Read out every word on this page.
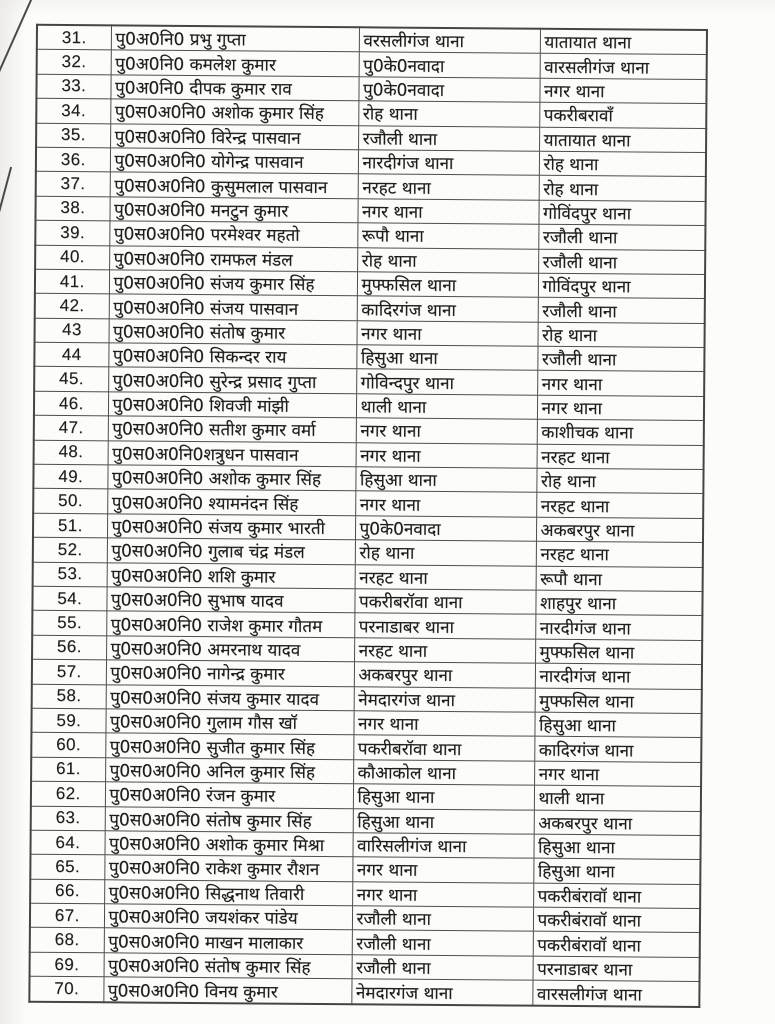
31.	पु0अ0नि0 प्रभु गुप्ता	वरसलीगंज थाना	यातायात थाना
32.	पु0अ0नि0 कमलेश कुमार	पु0के0नवादा	वारसलीगंज थाना
33.	पु0अ0नि0 दीपक कुमार राव	पु0के0नवादा	नगर थाना
34.	पु0स0अ0नि0 अशोक कुमार सिंह	रोह थाना	पकरीबरावाँ
35.	पु0स0अ0नि0 विरेन्द्र पासवान	रजौली थाना	यातायात थाना
36.	पु0स0अ0नि0 योगेन्द्र पासवान	नारदीगंज थाना	रोह थाना
37.	पु0स0अ0नि0 कुसुमलाल पासवान	नरहट थाना	रोह थाना
38.	पु0स0अ0नि0 मनटुन कुमार	नगर थाना	गोविंदपुर थाना
39.	पु0स0अ0नि0 परमेश्वर महतो	रूपौ थाना	रजौली थाना
40.	पु0स0अ0नि0 रामफल मंडल	रोह थाना	रजौली थाना
41.	पु0स0अ0नि0 संजय कुमार सिंह	मुफ्फसिल थाना	गोविंदपुर थाना
42.	पु0स0अ0नि0 संजय पासवान	कादिरगंज थाना	रजौली थाना
43	पु0स0अ0नि0 संतोष कुमार	नगर थाना	रोह थाना
44	पु0स0अ0नि0 सिकन्दर राय	हिसुआ थाना	रजौली थाना
45.	पु0स0अ0नि0 सुरेन्द्र प्रसाद गुप्ता	गोविन्दपुर थाना	नगर थाना
46.	पु0स0अ0नि0 शिवजी मांझी	थाली थाना	नगर थाना
47.	पु0स0अ0नि0 सतीश कुमार वर्मा	नगर थाना	काशीचक थाना
48.	पु0स0अ0नि0शत्रुधन पासवान	नगर थाना	नरहट थाना
49.	पु0स0अ0नि0 अशोक कुमार सिंह	हिसुआ थाना	रोह थाना
50.	पु0स0अ0नि0 श्यामनंदन सिंह	नगर थाना	नरहट थाना
51.	पु0स0अ0नि0 संजय कुमार भारती	पु0के0नवादा	अकबरपुर थाना
52.	पु0स0अ0नि0 गुलाब चंद्र मंडल	रोह थाना	नरहट थाना
53.	पु0स0अ0नि0 शशि कुमार	नरहट थाना	रूपौ थाना
54.	पु0स0अ0नि0 सुभाष यादव	पकरीबरॉवा थाना	शाहपुर थाना
55.	पु0स0अ0नि0 राजेश कुमार गौतम	परनाडाबर थाना	नारदीगंज थाना
56.	पु0स0अ0नि0 अमरनाथ यादव	नरहट थाना	मुफ्फसिल थाना
57.	पु0स0अ0नि0 नागेन्द्र कुमार	अकबरपुर थाना	नारदीगंज थाना
58.	पु0स0अ0नि0 संजय कुमार यादव	नेमदारगंज थाना	मुफ्फसिल थाना
59.	पु0स0अ0नि0 गुलाम गौस खॉ	नगर थाना	हिसुआ थाना
60.	पु0स0अ0नि0 सुजीत कुमार सिंह	पकरीबरॉवा थाना	कादिरगंज थाना
61.	पु0स0अ0नि0 अनिल कुमार सिंह	कौआकोल थाना	नगर थाना
62.	पु0स0अ0नि0 रंजन कुमार	हिसुआ थाना	थाली थाना
63.	पु0स0अ0नि0 संतोष कुमार सिंह	हिसुआ थाना	अकबरपुर थाना
64.	पु0स0अ0नि0 अशोक कुमार मिश्रा	वारिसलीगंज थाना	हिसुआ थाना
65.	पु0स0अ0नि0 राकेश कुमार रौशन	नगर थाना	हिसुआ थाना
66.	पु0स0अ0नि0 सिद्धनाथ तिवारी	नगर थाना	पकरीबंरावॉ थाना
67.	पु0स0अ0नि0 जयशंकर पांडेय	रजौली थाना	पकरीबंरावॉ थाना
68.	पु0स0अ0नि0 माखन मालाकार	रजौली थाना	पकरीबंरावॉ थाना
69.	पु0स0अ0नि0 संतोष कुमार सिंह	रजौली थाना	परनाडाबर थाना
70.	पु0स0अ0नि0 विनय कुमार	नेमदारगंज थाना	वारसलीगंज थाना
